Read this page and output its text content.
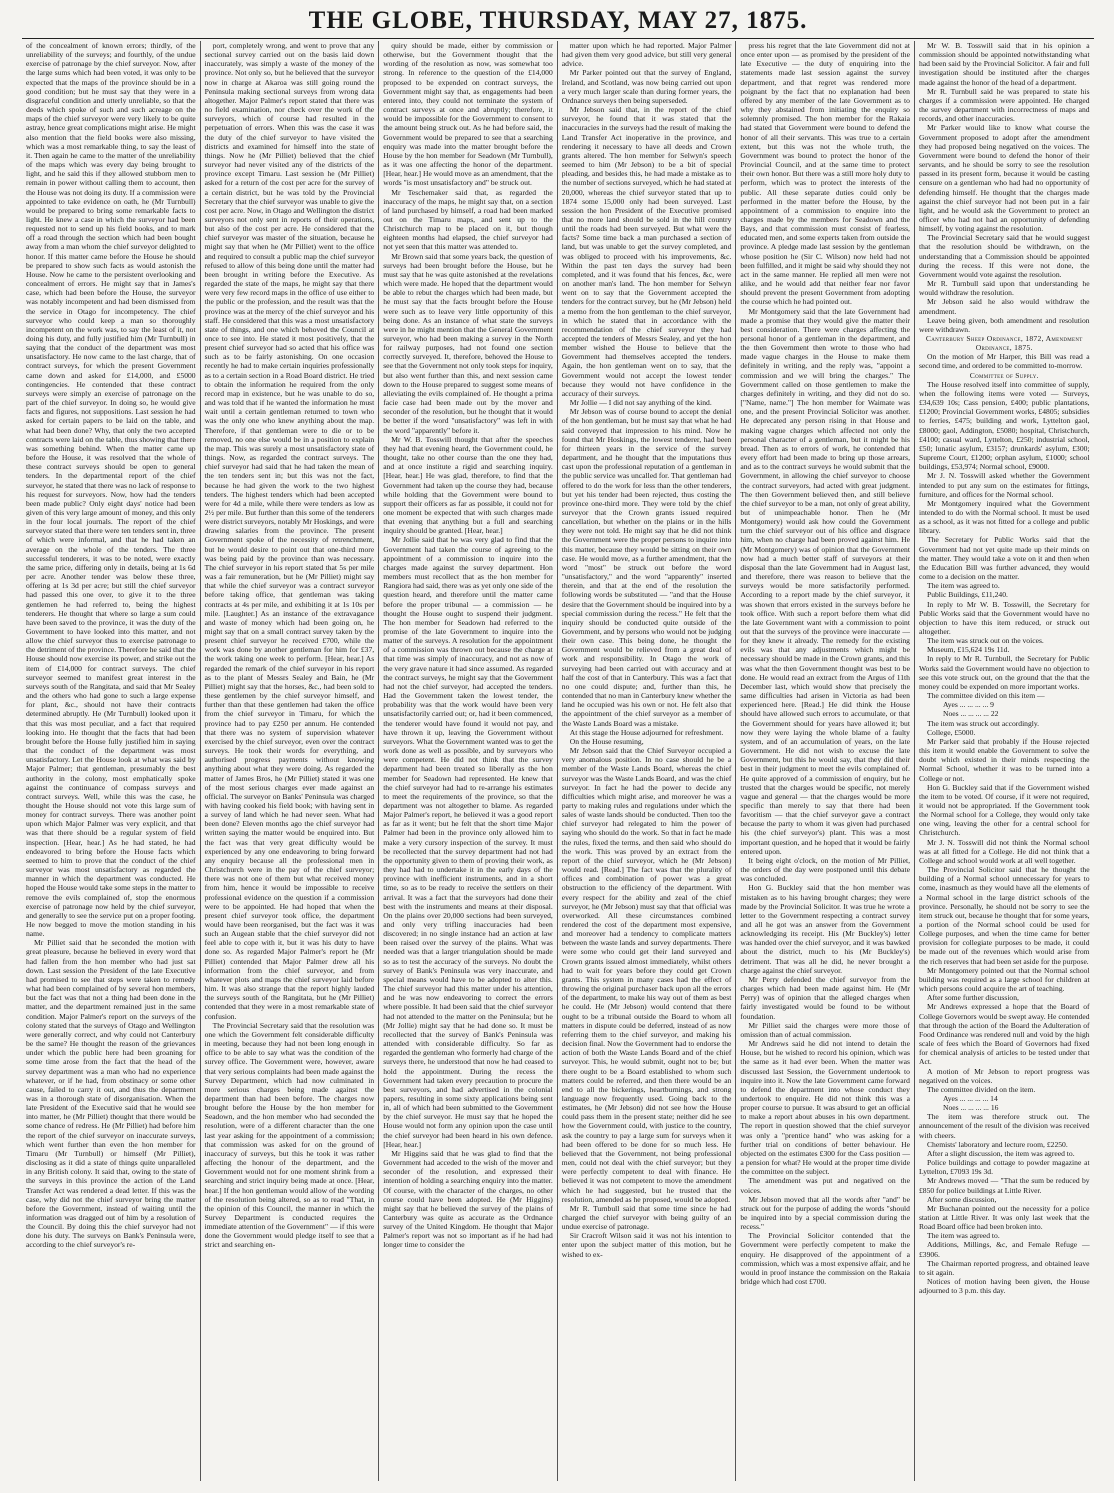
THE GLOBE, THURSDAY, MAY 27, 1875.

of the concealment of known errors; thirdly, of the unreliability of the surveys; and fourthly, of the undue exercise of patronage by the chief surveyor. Now, after the large sums which had been voted, it was only to be expected that the maps of the province should be in a good condition; but he must say that they were in a disgraceful condition and utterly unreliable, so that the deeds which spoke of such and such acreage on the maps of the chief surveyor were very likely to be quite astray, hence great complications might arise. He might also mention that the field books were also missing, which was a most remarkable thing, to say the least of it. Then again he came to the matter of the unreliability of the maps which was every day being brought to light, and he said this if they allowed stubborn men to remain in power without calling them to account, then the House was not doing its duty. If a commission were appointed to take evidence on oath, he (Mr Turnbull) would be prepared to bring some remarkable facts to light. He knew a case in which the surveyor had been requested not to send up his field books, and to mark off a road through the section which had been bought away from a man whom the chief surveyor delighted to honor. If this matter came before the House he should be prepared to show such facts as would astonish the House. Now he came to the persistent overlooking and concealment of errors. He might say that in James's case, which had been before the House, the surveyor was notably incompetent and had been dismissed from the service in Otago for incompetency. The chief surveyor who could keep a man so thoroughly incompetent on the work was, to say the least of it, not doing his duty, and fully justified him (Mr Turnbull) in saying that the conduct of the department was most unsatisfactory. He now came to the last charge, that of contract surveys, for which the present Government came down and asked for £14,000, and £5000 contingencies. He contended that these contract surveys were simply an exercise of patronage on the part of the chief surveyor. In doing so, he would give facts and figures, not suppositions. Last session he had asked for certain papers to be laid on the table, and what had been done? Why, that only the two accepted contracts were laid on the table, thus showing that there was something behind. When the matter came up before the House, it was resolved that the whole of these contract surveys should be open to general tenders. In the departmental report of the chief surveyor, he stated that there was no lack of response to his request for surveyors. Now, how had the tenders been made public? Only eight days' notice had been given of this very large amount of money, and this only in the four local journals. The report of the chief surveyor stated that there were ten tenders sent in, three of which were informal, and that he had taken an average on the whole of the tenders. The three successful tenderers, it was to be noted, were exactly the same price, differing only in details, being at 1s 6d per acre. Another tender was below these three, offering at 1s 3d per acre; but still the chief surveyor had passed this one over, to give it to the three gentlemen he had referred to, being the highest tenderers. He thought that where so large a sum could have been saved to the province, it was the duty of the Government to have looked into this matter, and not allow the chief surveyor thus to exercise patronage to the detriment of the province. Therefore he said that the House should now exercise its power, and strike out the item of £14,000 for contract surveys. The chief surveyor seemed to manifest great interest in the surveys south of the Rangitata, and said that Mr Sealey and the others who had gone to such a large expense for plant, &c., should not have their contracts determined abruptly. He (Mr Turnbull) looked upon it that this was most peculiar, and a fact that required looking into. He thought that the facts that had been brought before the House fully justified him in saying that the conduct of the department was most unsatisfactory. Let the House look at what was said by Major Palmer; that gentleman, presumably the best authority in the colony, most emphatically spoke against the continuance of compass surveys and contract surveys. Well, while this was the case, he thought the House should not vote this large sum of money for contract surveys. There was another point upon which Major Palmer was very explicit, and that was that there should be a regular system of field inspection. [Hear, hear.] As he had stated, he had endeavored to bring before the House facts which seemed to him to prove that the conduct of the chief surveyor was most unsatisfactory as regarded the manner in which the department was conducted. He hoped the House would take some steps in the matter to remove the evils complained of, stop the enormous exercise of patronage now held by the chief surveyor, and generally to see the service put on a proper footing. He now begged to move the motion standing in his name.

Mr Pilliet said that he seconded the motion with great pleasure, because he believed in every word that had fallen from the hon member who had just sat down. Last session the President of the late Executive had promised to see that steps were taken to remedy what had been complained of by several hon members, but the fact was that not a thing had been done in the matter, and the department remained just in the same condition. Major Palmer's report on the surveys of the colony stated that the surveys of Otago and Wellington were generally correct, and why could not Canterbury be the same? He thought the reason of the grievances under which the public here had been groaning for some time arose from the fact that the head of the survey department was a man who had no experience whatever, or if he had, from obstinacy or some other cause, failed to carry it out, and thus the department was in a thorough state of disorganisation. When the late President of the Executive said that he would see into matter, he (Mr Pilliet) thought that there would be some chance of redress. He (Mr Pilliet) had before him the report of the chief surveyor on inaccurate surveys, which went further than even the hon member for Timaru (Mr Turnbull) or himself (Mr Pilliet), disclosing as it did a state of things quite unparalleled in any British colony. It said that, owing to the state of the surveys in this province the action of the Land Transfer Act was rendered a dead letter. If this was the case, why did not the chief surveyor bring the matter before the Government, instead of waiting until the information was dragged out of him by a resolution of the Council. By doing this the chief surveyor had not done his duty. The surveys on Bank's Peninsula were, according to the chief surveyor's re-

port, completely wrong, and went to prove that any sectional survey carried out on the basis laid down inaccurately, was simply a waste of the money of the province. Not only so, but he believed that the surveyor now in charge at Akaroa was still going round the Peninsula making sectional surveys from wrong data altogether. Major Palmer's report stated that there was no field examination, nor check over the work of the surveyors, which of course had resulted in the perpetuation of errors. When this was the case it was the duty of the chief surveyor to have visited the districts and examined for himself into the state of things. Now he (Mr Pilliet) believed that the chief surveyor had never visited any of the districts of the province except Timaru. Last session he (Mr Pilliet) asked for a return of the cost per acre for the survey of a certain district, but he was told by the Provincial Secretary that the chief surveyor was unable to give the cost per acre. Now, in Otago and Wellington the district surveyors not only sent in reports of their operations, but also of the cost per acre. He considered that the chief surveyor was master of the situation, because he might say that when he (Mr Pilliet) went to the office and required to consult a public map the chief surveyor refused to allow of this being done until the matter had been brought in writing before the Executive. As regarded the state of the maps, he might say that there were very few record maps in the office of use either to the public or the profession, and the result was that the province was at the mercy of the chief surveyor and his staff. He considered that this was a most unsatisfactory state of things, and one which behoved the Council at once to see into. He stated it most positively, that the present chief surveyor had so acted that his office was such as to be fairly astonishing. On one occasion recently he had to make certain inquiries professionally as to a certain section in a Road Board district. He tried to obtain the information he required from the only record map in existence, but he was unable to do so, and was told that if he wanted the information he must wait until a certain gentleman returned to town who was the only one who knew anything about the map. Therefore, if that gentleman were to die or to be removed, no one else would be in a position to explain the map. This was surely a most unsatisfactory state of things. Now, as regarded the contract surveys. The chief surveyor had said that he had taken the mean of the ten tenders sent in; but this was not the fact, because he had given the work to the two highest tenders. The highest tenders which had been accepted were for 4d a mile, while there were tenders as low as 2½ per mile. But further than this some of the tenderers were district surveyors, notably Mr Hoskings, and were drawing salaries from the province. The present Government spoke of the necessity of retrenchment, but he would desire to point out that one-third more was being paid by the province than was necessary. The chief surveyor in his report stated that 5s per mile was a fair remuneration, but he (Mr Pilliet) might say that while the chief surveyor was a contract surveyor before taking office, that gentleman was taking contracts at 4s per mile, and exhibiting it at 1s 10s per mile. [Laughter.] As an instance of the extravagance and waste of money which had been going on, he might say that on a small contract survey taken by the present chief surveyor he received £700, while the work was done by another gentleman for him for £37, the work taking one week to perform. [Hear, hear.] As regarded the remark of the chief surveyor in his report as to the plant of Messrs Sealey and Bain, he (Mr Pilliet) might say that the horses, &c., had been sold to these gentlemen by the chief surveyor himself, and further than that these gentlemen had taken the office from the chief surveyor in Timaru, for which the province had to pay £250 per annum. He contended that there was no system of supervision whatever exercised by the chief surveyor, even over the contract surveys. He took their words for everything, and authorised progress payments without knowing anything about what they were doing. As regarded the matter of James Bros, he (Mr Pilliet) stated it was one of the most serious charges ever made against an official. The surveyor on Banks' Peninsula was charged with having cooked his field book; with having sent in a survey of land which he had never seen. What had been done? Eleven months ago the chief surveyor had written saying the matter would be enquired into. But the fact was that very great difficulty would be experienced by any one endeavoring to bring forward any enquiry because all the professional men in Christchurch were in the pay of the chief surveyor; there was not one of them but what received money from him, hence it would be impossible to receive professional evidence on the question if a commission were to be appointed. He had hoped that when the present chief surveyor took office, the department would have been reorganised, but the fact was it was such an Augean stable that the chief surveyor did not feel able to cope with it, but it was his duty to have done so. As regarded Major Palmer's report he (Mr Pilliet) contended that Major Palmer drew all his information from the chief surveyor, and from whatever plots and maps the chief surveyor laid before him. It was also strange that the report highly lauded the surveys south of the Rangitata, but he (Mr Pilliet) contended that they were in a most remarkable state of confusion.

The Provincial Secretary said that the resolution was one which the Government felt considerable difficulty in meeting, because they had not been long enough in office to be able to say what was the condition of the survey office. The Government were, however, aware that very serious complaints had been made against the Survey Department, which had now culminated in more serious charges being made against the department than had been before. The charges now brought before the House by the hon member for Seadown, and the hon member who had seconded the resolution, were of a different character than the one last year asking for the appointment of a commission; that commission was asked for on the ground of inaccuracy of surveys, but this he took it was rather affecting the honour of the department, and the Government would not for one moment shrink from a searching and strict inquiry being made at once. [Hear, hear.] If the hon gentleman would allow of the wording of the resolution being altered, so as to read "That, in the opinion of this Council, the manner in which the Survey Department is conducted requires the immediate attention of the Government" — if this were done the Government would pledge itself to see that a strict and searching en-

quiry should be made, either by commission or otherwise, but the Government thought that the wording of the resolution as now, was somewhat too strong. In reference to the question of the £14,000 proposed to be expended on contract surveys, the Government might say that, as engagements had been entered into, they could not terminate the system of contract surveys at once and abruptly; therefore, it would be impossible for the Government to consent to the amount being struck out. As he had before said, the Government would be prepared to see that a searching enquiry was made into the matter brought before the House by the hon member for Seadown (Mr Turnbull), as it was one affecting the honor of the department. [Hear, hear.] He would move as an amendment, that the words "is most unsatisfactory and" be struck out.

Mr Teschemaker said that, as regarded the inaccuracy of the maps, he might say that, on a section of land purchased by himself, a road had been marked out on the Timaru maps, and sent up to the Christchurch map to be placed on it, but though eighteen months had elapsed, the chief surveyor had not yet seen that this matter was attended to.

Mr Brown said that some years back, the question of surveys had been brought before the House, but he must say that he was quite astonished at the revelations which were made. He hoped that the department would be able to rebut the charges which had been made, but he must say that the facts brought before the House were such as to leave very little opportunity of this being done. As an instance of what state the surveys were in he might mention that the General Government surveyor, who had been making a survey in the North for railway purposes, had not found one section correctly surveyed. It, therefore, behoved the House to see that the Government not only took steps for inquiry, but also went further than this, and next session came down to the House prepared to suggest some means of alleviating the evils complained of. He thought a prima facie case had been made out by the mover and seconder of the resolution, but he thought that it would be better if the word "unsatisfactory" was left in with the word "apparently" before it.

Mr W. B. Tosswill thought that after the speeches they had that evening heard, the Government could, he thought, take no other course than the one they had, and at once institute a rigid and searching inquiry. [Hear, hear.] He was glad, therefore, to find that the Government had taken up the course they had, because while holding that the Government were bound to support their officers as far as possible, it could not for one moment be expected that with such charges made that evening that anything but a full and searching inquiry should be granted. [Hear, hear.]

Mr Jollie said that he was very glad to find that the Government had taken the course of agreeing to the appointment of a commission to inquire into the charges made against the survey department. Hon members must recollect that as the hon member for Rangiora had said, there was as yet only one side of the question heard, and therefore until the matter came before the proper tribunal — a commission — he thought the House ought to suspend their judgment. The hon member for Seadown had referred to the promise of the late Government to inquire into the matter of the surveys. A resolution for the appointment of a commission was thrown out because the charge at that time was simply of inaccuracy, and not as now of the very grave nature it had since assumed. As regarded the contract surveys, he might say that the Government had not the chief surveyor, had accepted the tenders. Had the Government taken the lowest tender, the probability was that the work would have been very unsatisfactorily carried out; or, had it been commenced, the tenderer would have found it would not pay, and have thrown it up, leaving the Government without surveyors. What the Government wanted was to get the work done as well as possible, and by surveyors who were competent. He did not think that the survey department had been treated so liberally as the hon member for Seadown had represented. He knew that the chief surveyor had had to re-arrange his estimates to meet the requirements of the province, so that the department was not altogether to blame. As regarded Major Palmer's report, he believed it was a good report as far as it went; but he felt that the short time Major Palmer had been in the province only allowed him to make a very cursory inspection of the survey. It must be recollected that the survey department had not had the opportunity given to them of proving their work, as they had had to undertake it in the early days of the province with inefficient instruments, and in a short time, so as to be ready to receive the settlers on their arrival. It was a fact that the surveyors had done their best with the instruments and means at their disposal. On the plains over 20,000 sections had been surveyed, and only very trifling inaccuracies had been discovered; in no single instance had an action at law been raised over the survey of the plains. What was needed was that a larger triangulation should be made so as to test the accuracy of the surveys. No doubt the survey of Bank's Peninsula was very inaccurate, and special means would have to be adopted to alter this. The chief surveyor had this matter under his attention, and he was now endeavoring to correct the errors where possible. It had been said that the chief surveyor had not attended to the matter on the Peninsula; but he (Mr Jollie) might say that he had done so. It must be recollected that the survey of Bank's Peninsula was attended with considerable difficulty. So far as regarded the gentleman who formerly had charge of the surveys there, he understood that now he had ceased to hold the appointment. During the recess the Government had taken every precaution to procure the best surveyors, and had advertised in the colonial papers, resulting in some sixty applications being sent in, all of which had been submitted to the Government by the chief surveyor. He must say that he hoped the House would not form any opinion upon the case until the chief surveyor had been heard in his own defence. [Hear, hear.]

Mr Higgins said that he was glad to find that the Government had acceded to the wish of the mover and seconder of the resolution, and expressed their intention of holding a searching enquiry into the matter. Of course, with the character of the charges, no other course could have been adopted. He (Mr Higgins) might say that he believed the survey of the plains of Canterbury was quite as accurate as the Ordnance survey of the United Kingdom. He thought that Major Palmer's report was not so important as if he had had longer time to consider the

matter upon which he had reported. Major Palmer had given them very good advice, but still very general advice.

Mr Parker pointed out that the survey of England, Ireland, and Scotland, was now being carried out upon a very much larger scale than during former years, the Ordnance surveys then being superseded.

Mr Jebson said that, in the report of the chief surveyor, he found that it was stated that the inaccuracies in the surveys had the result of making the Land Transfer Act inoperative in the province, and rendering it necessary to have all deeds and Crown grants altered. The hon member for Selwyn's speech seemed to him (Mr Jebson) to be a bit of special pleading, and besides this, he had made a mistake as to the number of sections surveyed, which he had stated at 20,000, whereas the chief surveyor stated that up to 1874 some 15,000 only had been surveyed. Last session the hon President of the Executive promised that no more land should be sold in the hill country until the roads had been surveyed. But what were the facts? Some time back a man purchased a section of land, but was unable to get the survey completed, and was obliged to proceed with his improvements, &c. Within the past ten days the survey had been completed, and it was found that his fences, &c, were on another man's land. The hon member for Selwyn went on to say that the Government accepted the tenders for the contract survey, but he (Mr Jebson) held a memo from the hon gentleman to the chief surveyor, in which he stated that in accordance with the recommendation of the chief surveyor they had accepted the tenders of Messrs Sealey, and yet the hon member wished the House to believe that the Government had themselves accepted the tenders. Again, the hon gentleman went on to say, that the Government would not accept the lowest tender because they would not have confidence in the accuracy of their surveys.

Mr Jollie — I did not say anything of the kind.

Mr Jebson was of course bound to accept the denial of the hon gentleman, but he must say that what he had said conveyed that impression to his mind. Now he found that Mr Hoskings, the lowest tenderer, had been for thirteen years in the service of the survey department, and he thought that the imputations thus cast upon the professional reputation of a gentleman in the public service was uncalled for. That gentleman had offered to do the work for less than the other tenderers, but yet his tender had been rejected, thus costing the province one-third more. They were told by the chief surveyor that the Crown grants issued required cancellation, but whether on the plains or in the hills they were not told. He might say that he did not think the Government were the proper persons to inquire into this matter, because they would be sitting on their own case. He would move, as a further amendment, that the word "most" be struck out before the word "unsatisfactory," and the word "apparently" inserted therein, and that at the end of the resolution the following words be substituted — "and that the House desire that the Government should be inquired into by a special commission during the recess." He felt that the inquiry should be conducted quite outside of the Government, and by persons who would not be judging their own case. This being done, he thought the Government would be relieved from a great deal of work and responsibility. In Otago the work of surveying had been carried out with accuracy and at half the cost of that in Canterbury. This was a fact that no one could dispute; and, further than this, he contended that no man in Canterbury knew whether the land he occupied was his own or not. He felt also that the appointment of the chief surveyor as a member of the Waste Lands Board was a mistake.

At this stage the House adjourned for refreshment.

On the House resuming,

Mr Jebson said that the Chief Surveyor occupied a very anomalous position. In no case should he be a member of the Waste Lands Board, whereas the chief surveyor was the Waste Lands Board, and was the chief surveyor. In fact he had the power to decide any difficulties which might arise, and moreover he was a party to making rules and regulations under which the sales of waste lands should be conducted. Then too the chief surveyor had relegated to him the power of saying who should do the work. So that in fact he made the rules, fixed the terms, and then said who should do the work. This was proved by an extract from the report of the chief surveyor, which he (Mr Jebson) would read. [Read.] The fact was that the plurality of offices and combination of power was a great obstruction to the efficiency of the department. With every respect for the ability and zeal of the chief surveyor, he (Mr Jebson) must say that that official was overworked. All these circumstances combined rendered the cost of the department most expensive, and moreover had a tendency to complicate matters between the waste lands and survey departments. There were some who could get their land surveyed and Crown grants issued almost immediately, whilst others had to wait for years before they could get Crown grants. This system in many cases had the effect of throwing the original purchaser back upon all the errors of the department, to make his way out of them as best he could. He (Mr Jebson) would contend that there ought to be a tribunal outside the Board to whom all matters in dispute could be deferred, instead of as now referring them to the chief surveyor, and making his decision final. Now the Government had to endorse the action of both the Waste Lands Board and of the chief surveyor. This, he would submit, ought not to be; but there ought to be a Board established to whom such matters could be referred, and then there would be an end to all the bickerings, heartburnings, and strong language now frequently used. Going back to the estimates, he (Mr Jebson) did not see how the House could pass them in the present state; neither did he see how the Government could, with justice to the country, ask the country to pay a large sum for surveys when it had been offered to be done for so much less. He believed that the Government, not being professional men, could not deal with the chief surveyor; but they were perfectly competent to deal with finance. He believed it was not competent to move the amendment which he had suggested, but he trusted that the resolution, amended as he proposed, would be adopted.

Mr R. Turnbull said that some time since he had charged the chief surveyor with being guilty of an undue exercise of patronage.

Sir Cracroft Wilson said it was not his intention to enter upon the subject matter of this motion, but he wished to ex-

press his regret that the late Government did not at once enter upon — as promised by the president of the late Executive — the duty of enquiring into the statements made last session against the survey department, and that regret was rendered more poignant by the fact that no explanation had been offered by any member of the late Government as to why they abstained from initiating the enquiry so solemnly promised. The hon member for the Rakaia had stated that Government were bound to defend the honor of all their servants. This was true to a certain extent, but this was not the whole truth, the Government was bound to protect the honor of the Provincial Council, and at the same time to protect their own honor. But there was a still more holy duty to perform, which was to protect the interests of the public. All these separate duties could only be performed in the matter before the House, by the appointment of a commission to enquire into the charges made by the members for Seadown and the Bays, and that commission must consist of fearless, educated men, and some experts taken from outside the province. A pledge made last session by the gentleman whose position he (Sir C. Wilson) now held had not been fulfilled, and it might be said why should they not act in the same manner. He replied all men were not alike, and he would add that neither fear nor favor should prevent the present Government from adopting the course which he had pointed out.

Mr Montgomery said that the late Government had made a promise that they would give the matter their best consideration. There were charges affecting the personal honor of a gentleman in the department, and the then Government then wrote to those who had made vague charges in the House to make them definitely in writing, and the reply was, "appoint a commission and we will bring the charges." The Government called on those gentlemen to make the charges definitely in writing, and they did not do so. ["Name, name."] The hon member for Waimate was one, and the present Provincial Solicitor was another. He deprecated any person rising in that House and making vague charges which affected not only the personal character of a gentleman, but it might be his bread. Then as to errors of work, he contended that every effort had been made to bring up those arrears, and as to the contract surveys he would submit that the Government, in allowing the chief surveyor to choose the contract surveyors, had acted with great judgment. The then Government believed then, and still believe the chief surveyor to be a man, not only of great ability, but of unimpeachable honor. Then he (Mr Montgomery) would ask how could the Government turn the chief surveyor out of his office and disgrace him, when no charge had been proved against him. He (Mr Montgomery) was of opinion that the Government now had a much better staff of surveyors at their disposal than the late Government had in August last, and therefore, there was reason to believe that the surveys would be more satisfactorily performed. According to a report made by the chief surveyor, it was shown that errors existed in the surveys before he took office. With such a report before them what did the late Government want with a commission to point out that the surveys of the province were inaccurate — for they knew it already. The remedy for the existing evils was that any adjustments which might be necessary should be made in the Crown grants, and this was what the then Government thought was best to be done. He would read an extract from the Argus of 11th December last, which would show that precisely the same difficulties had arisen in Victoria as had been experienced here. [Read.] He did think the House should have allowed such errors to accumulate, or that the Government should for years have allowed it; but now they were laying the whole blame of a faulty system, and of an accumulation of years, on the late Government. He did not wish to excuse the late Government, but this he would say, that they did their best in their judgment to meet the evils complained of. He quite approved of a commission of enquiry, but he trusted that the charges would be specific, not merely vague and general — that the charges would be more specific than merely to say that there had been favoritism — that the chief surveyor gave a contract because the party to whom it was given had purchased his (the chief surveyor's) plant. This was a most important question, and he hoped that it would be fairly entered upon.

It being eight o'clock, on the motion of Mr Pilliet, the orders of the day were postponed until this debate was concluded.

Hon G. Buckley said that the hon member was mistaken as to his having brought charges; they were made by the Provincial Solicitor. It was true he wrote a letter to the Government respecting a contract survey and all he got was an answer from the Government acknowledging its receipt. His (Mr Buckley's) letter was handed over the chief surveyor, and it was bawked about the district, much to his (Mr Buckley's) detriment. That was all he did, he never brought a charge against the chief surveyor.

Mr Perry defended the chief surveyor from the charges which had been made against him. He (Mr Perry) was of opinion that the alleged charges when fairly investigated would be found to be without foundation.

Mr Pilliet said the charges were more those of omission than of actual commission.

Mr Andrews said he did not intend to detain the House, but he wished to record his opinion, which was the same as it had ever been. When the matter was discussed last Session, the Government undertook to inquire into it. Now the late Government came forward to defend the department into whose conduct they undertook to enquire. He did not think this was a proper course to pursue. It was absurd to get an official to make a report about abuses in his own department. The report in question showed that the chief surveyor was only a "prentice hand" who was asking for a further trial on conditions of better behaviour. He objected on the estimates £300 for the Cass position — a pension for what? He would at the proper time divide the committee on the subject.

The amendment was put and negatived on the voices.

Mr Jebson moved that all the words after "and" be struck out for the purpose of adding the words "should be inquired into by a special commission during the recess."

The Provincial Solicitor contended that the Government were perfectly competent to make the enquiry. He disapproved of the appointment of a commission, which was a most expensive affair, and he would in proof instance the commission on the Rakaia bridge which had cost £700.

Mr W. B. Tosswill said that in his opinion a commission should be appointed notwithstanding what had been said by the Provincial Solicitor. A fair and full investigation should be instituted after the charges made against the honor of the head of a department.

Mr R. Turnbull said he was prepared to state his charges if a commission were appointed. He charged the survey department with incorrectness of maps and records, and other inaccuracies.

Mr Parker would like to know what course the Government proposed to adopt after the amendment they had proposed being negatived on the voices. The Government were bound to defend the honor of their servants, and he should be sorry to see the resolution passed in its present form, because it would be casting censure on a gentleman who had had no opportunity of defending himself. He thought that the charges made against the chief surveyor had not been put in a fair light, and he would ask the Government to protect an officer who had not had an opportunity of defending himself, by voting against the resolution.

The Provincial Secretary said that he would suggest that the resolution should be withdrawn, on the understanding that a Commission should be appointed during the recess. If this were not done, the Government would vote against the resolution.

Mr R. Turnbull said upon that understanding he would withdraw the resolution.

Mr Jebson said he also would withdraw the amendment.

Leave being given, both amendment and resolution were withdrawn.

Canterbury Sheep Ordinance, 1872, Amendment Ordinance, 1875.

On the motion of Mr Harper, this Bill was read a second time, and ordered to be committed to-morrow.

Committee of Supply.

The House resolved itself into committee of supply, when the following items were voted — Surveys, £34,639 10s; Cass pension, £400; public plantations, £1200; Provincial Government works, £4805; subsidies to ferries, £475; building and work, Lyttelton gaol, £8000; gaol, Addington, £5080; hospital, Christchurch, £4100; casual ward, Lyttelton, £250; industrial school, £50; lunatic asylum, £3157; drunkards' asylum, £300; Supreme Court, £1200; orphan asylum, £1000; school buildings, £53,974; Normal school, £9000.

Mr J. N. Tosswill asked whether the Government intended to put any sum on the estimates for fittings, furniture, and offices for the Normal school.

Mr Montgomery inquired what the Government intended to do with the Normal school. It must be used as a school, as it was not fitted for a college and public library.

The Secretary for Public Works said that the Government had not yet quite made up their minds on the matter. They would take a vote on it and then when the Education Bill was further advanced, they would come to a decision on the matter.

The item was agreed to.

Public Buildings, £11,240.

In reply to Mr W. B. Tosswill, the Secretary for Public Works said that the Government would have no objection to have this item reduced, or struck out altogether.

The item was struck out on the voices.

Museum, £15,624 19s 11d.

In reply to Mr R. Turnbull, the Secretary for Public Works said the Government would have no objection to see this vote struck out, on the ground that the that the money could be expended on more important works.

The committee divided on this item —

Ayes ... ... ... ... 9

Noes ... ... ... ... 22

The item was struck out accordingly.

College, £5000.

Mr Parker said that probably if the House rejected this item it would enable the Government to solve the doubt which existed in their minds respecting the Normal School, whether it was to be turned into a College or not.

Hon G. Buckley said that if the Government wished the item to be voted. Of course, if it were not required, it would not be appropriated. If the Government took the Normal school for a College, they would only take one wing, leaving the other for a central school for Christchurch.

Mr J. N. Tosswill did not think the Normal school was at all fitted for a College. He did not think that a College and school would work at all well together.

The Provincial Solicitor said that he thought the building of a Normal school unnecessary for years to come, inasmuch as they would have all the elements of a Normal school in the large district schools of the province. Personally, he should not be sorry to see the item struck out, because he thought that for some years, a portion of the Normal school could be used for College purposes, and when the time came for better provision for collegiate purposes to be made, it could be made out of the revenues which would arise from the rich reserves that had been set aside for the purpose.

Mr Montgomery pointed out that the Normal school building was required as a large school for children at which persons could acquire the art of teaching.

After some further discussion,

Mr Andrews expressed a hope that the Board of College Governors would be swept away. He contended that through the action of the Board the Adulteration of Food Ordinance was rendered null and void by the high scale of fees which the Board of Governors had fixed for chemical analysis of articles to be tested under that Act.

A motion of Mr Jebson to report progress was negatived on the voices.

The committee divided on the item.

Ayes ... ... ... ... 14

Noes ... ... ... ... 16

The item was therefore struck out. The announcement of the result of the division was received with cheers.

Chemists' laboratory and lecture room, £2250.

After a slight discussion, the item was agreed to.

Police buildings and cottage to powder magazine at Lyttelton, £7093 19s 3d.

Mr Andrews moved — "That the sum be reduced by £850 for police buildings at Little River.

After some discussion,

Mr Buchanan pointed out the necessity for a police station at Little River. It was only last week that the Road Board office had been broken into.

The item was agreed to.

Additions, Millings, &c, and Female Refuge — £3906.

The Chairman reported progress, and obtained leave to sit again.

Notices of motion having been given, the House adjourned to 3 p.m. this day.
